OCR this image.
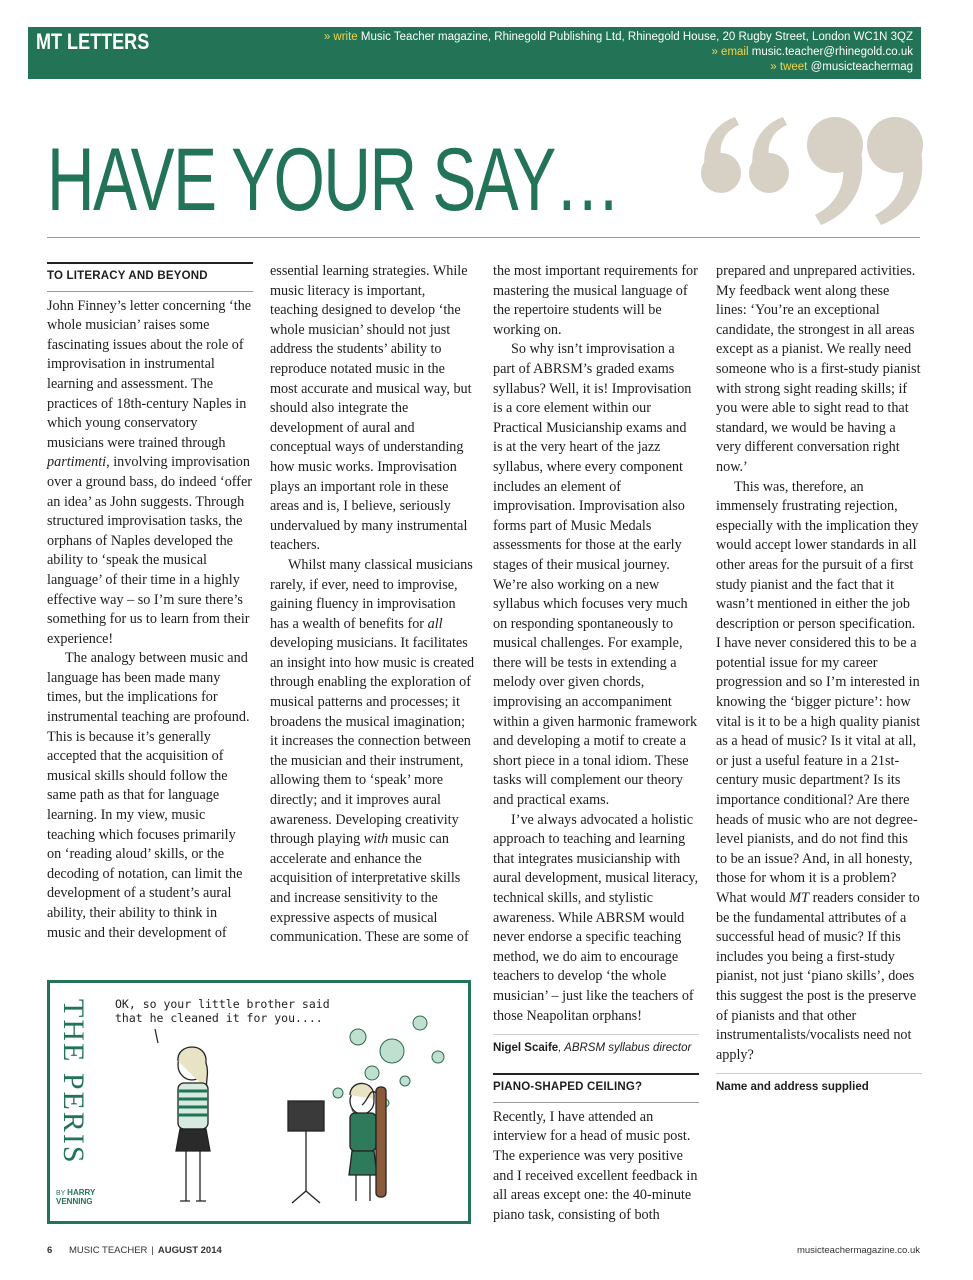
MT LETTERS	» write Music Teacher magazine, Rhinegold Publishing Ltd, Rhinegold House, 20 Rugby Street, London WC1N 3QZ
» email music.teacher@rhinegold.co.uk
» tweet @musicteachermag
HAVE YOUR SAY…
TO LITERACY AND BEYOND

John Finney’s letter concerning ‘the whole musician’ raises some fascinating issues about the role of improvisation in instrumental learning and assessment. The practices of 18th-century Naples in which young conservatory musicians were trained through partimenti, involving improvisation over a ground bass, do indeed ‘offer an idea’ as John suggests. Through structured improvisation tasks, the orphans of Naples developed the ability to ‘speak the musical language’ of their time in a highly effective way – so I’m sure there’s something for us to learn from their experience!

The analogy between music and language has been made many times, but the implications for instrumental teaching are profound. This is because it’s generally accepted that the acquisition of musical skills should follow the same path as that for language learning. In my view, music teaching which focuses primarily on ‘reading aloud’ skills, or the decoding of notation, can limit the development of a student’s aural ability, their ability to think in music and their development of

essential learning strategies. While music literacy is important, teaching designed to develop ‘the whole musician’ should not just address the students’ ability to reproduce notated music in the most accurate and musical way, but should also integrate the development of aural and conceptual ways of understanding how music works. Improvisation plays an important role in these areas and is, I believe, seriously undervalued by many instrumental teachers.

Whilst many classical musicians rarely, if ever, need to improvise, gaining fluency in improvisation has a wealth of benefits for all developing musicians. It facilitates an insight into how music is created through enabling the exploration of musical patterns and processes; it broadens the musical imagination; it increases the connection between the musician and their instrument, allowing them to ‘speak’ more directly; and it improves aural awareness. Developing creativity through playing with music can accelerate and enhance the acquisition of interpretative skills and increase sensitivity to the expressive aspects of musical communication. These are some of

the most important requirements for mastering the musical language of the repertoire students will be working on.

So why isn’t improvisation a part of ABRSM’s graded exams syllabus? Well, it is! Improvisation is a core element within our Practical Musicianship exams and is at the very heart of the jazz syllabus, where every component includes an element of improvisation. Improvisation also forms part of Music Medals assessments for those at the early stages of their musical journey. We’re also working on a new syllabus which focuses very much on responding spontaneously to musical challenges. For example, there will be tests in extending a melody over given chords, improvising an accompaniment within a given harmonic framework and developing a motif to create a short piece in a tonal idiom. These tasks will complement our theory and practical exams.

I’ve always advocated a holistic approach to teaching and learning that integrates musicianship with aural development, musical literacy, technical skills, and stylistic awareness. While ABRSM would never endorse a specific teaching method, we do aim to encourage teachers to develop ‘the whole musician’ – just like the teachers of those Neapolitan orphans!

Nigel Scaife, ABRSM syllabus director

PIANO-SHAPED CEILING?

Recently, I have attended an interview for a head of music post. The experience was very positive and I received excellent feedback in all areas except one: the 40-minute piano task, consisting of both

prepared and unprepared activities. My feedback went along these lines: ‘You’re an exceptional candidate, the strongest in all areas except as a pianist. We really need someone who is a first-study pianist with strong sight reading skills; if you were able to sight read to that standard, we would be having a very different conversation right now.’

This was, therefore, an immensely frustrating rejection, especially with the implication they would accept lower standards in all other areas for the pursuit of a first study pianist and the fact that it wasn’t mentioned in either the job description or person specification. I have never considered this to be a potential issue for my career progression and so I’m interested in knowing the ‘bigger picture’: how vital is it to be a high quality pianist as a head of music? Is it vital at all, or just a useful feature in a 21st-century music department? Is its importance conditional? Are there heads of music who are not degree-level pianists, and do not find this to be an issue? And, in all honesty, those for whom it is a problem? What would MT readers consider to be the fundamental attributes of a successful head of music? If this includes you being a first-study pianist, not just ‘piano skills’, does this suggest the post is the preserve of pianists and that other instrumentalists/vocalists need not apply?

Name and address supplied

THE PERIS
BY HARRY
VENNING
OK, so your little brother said
that he cleaned it for you....
6 MUSIC TEACHER | AUGUST 2014	musicteachermagazine.co.uk
